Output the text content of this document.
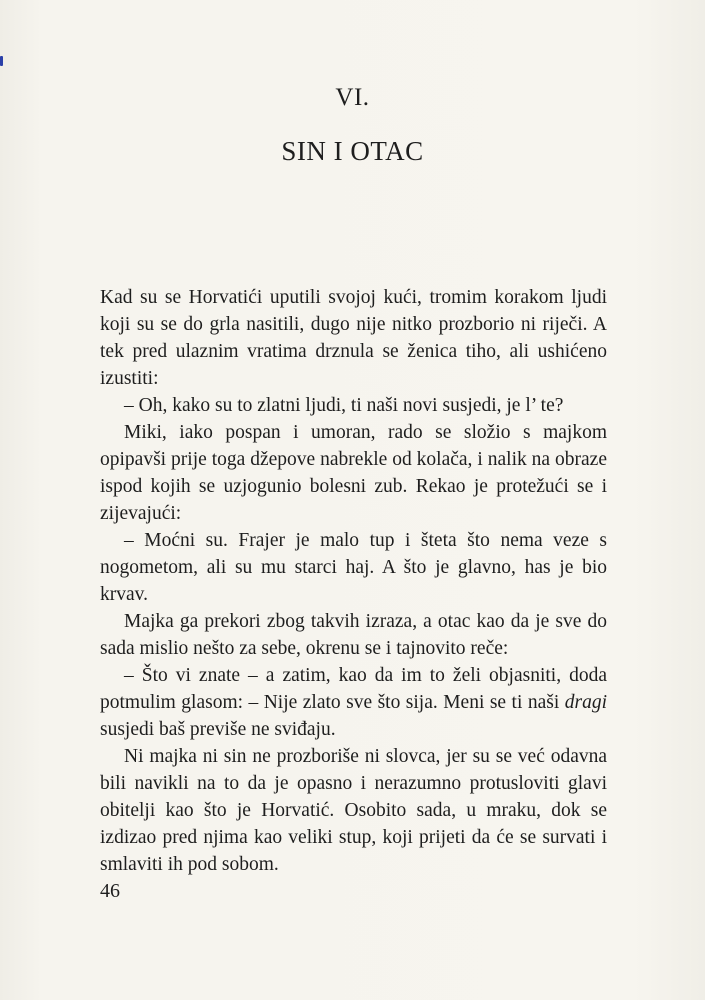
VI.
SIN I OTAC

Kad su se Horvatići uputili svojoj kući, tromim korakom ljudi koji su se do grla nasitili, dugo nije nitko prozborio ni riječi. A tek pred ulaznim vratima drznula se ženica tiho, ali ushićeno izustiti:

– Oh, kako su to zlatni ljudi, ti naši novi susjedi, je l’ te?

Miki, iako pospan i umoran, rado se složio s majkom opipavši prije toga džepove nabrekle od kolača, i nalik na obraze ispod kojih se uzjogunio bolesni zub. Rekao je protežući se i zijevajući:

– Moćni su. Frajer je malo tup i šteta što nema veze s nogometom, ali su mu starci haj. A što je glavno, has je bio krvav.

Majka ga prekori zbog takvih izraza, a otac kao da je sve do sada mislio nešto za sebe, okrenu se i tajnovito reče:

– Što vi znate – a zatim, kao da im to želi objasniti, doda potmulim glasom: – Nije zlato sve što sija. Meni se ti naši dragi susjedi baš previše ne sviđaju.

Ni majka ni sin ne prozboriše ni slovca, jer su se već odavna bili navikli na to da je opasno i nerazumno protusloviti glavi obitelji kao što je Horvatić. Osobito sada, u mraku, dok se izdizao pred njima kao veliki stup, koji prijeti da će se survati i smlaviti ih pod sobom.

46
